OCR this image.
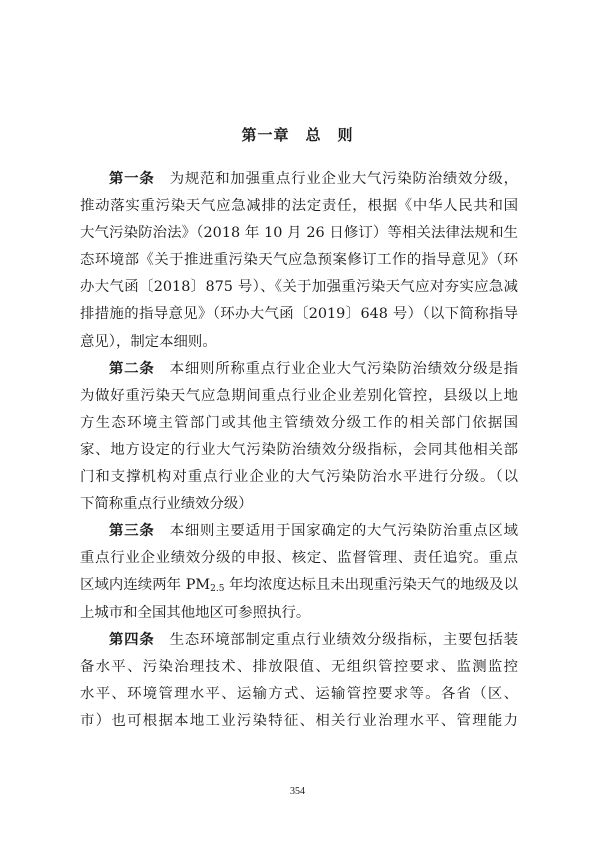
第一章 总　则
第一条　为规范和加强重点行业企业大气污染防治绩效分级，
推动落实重污染天气应急减排的法定责任，根据《中华人民共和国
大气污染防治法》（2018 年 10 月 26 日修订）等相关法律法规和生
态环境部《关于推进重污染天气应急预案修订工作的指导意见》（环
办大气函〔2018〕875 号）、《关于加强重污染天气应对夯实应急减
排措施的指导意见》（环办大气函〔2019〕648 号）（以下简称指导
意见），制定本细则。
第二条　本细则所称重点行业企业大气污染防治绩效分级是指
为做好重污染天气应急期间重点行业企业差别化管控，县级以上地
方生态环境主管部门或其他主管绩效分级工作的相关部门依据国
家、地方设定的行业大气污染防治绩效分级指标，会同其他相关部
门和支撑机构对重点行业企业的大气污染防治水平进行分级。（以
下简称重点行业绩效分级）
第三条　本细则主要适用于国家确定的大气污染防治重点区域
重点行业企业绩效分级的申报、核定、监督管理、责任追究。重点
区域内连续两年 $PM_{2.5}$ 年均浓度达标且未出现重污染天气的地级及以
上城市和全国其他地区可参照执行。
第四条　生态环境部制定重点行业绩效分级指标，主要包括装
备水平、污染治理技术、排放限值、无组织管控要求、监测监控
水平、环境管理水平、运输方式、运输管控要求等。各省（区、
市）也可根据本地工业污染特征、相关行业治理水平、管理能力
354
